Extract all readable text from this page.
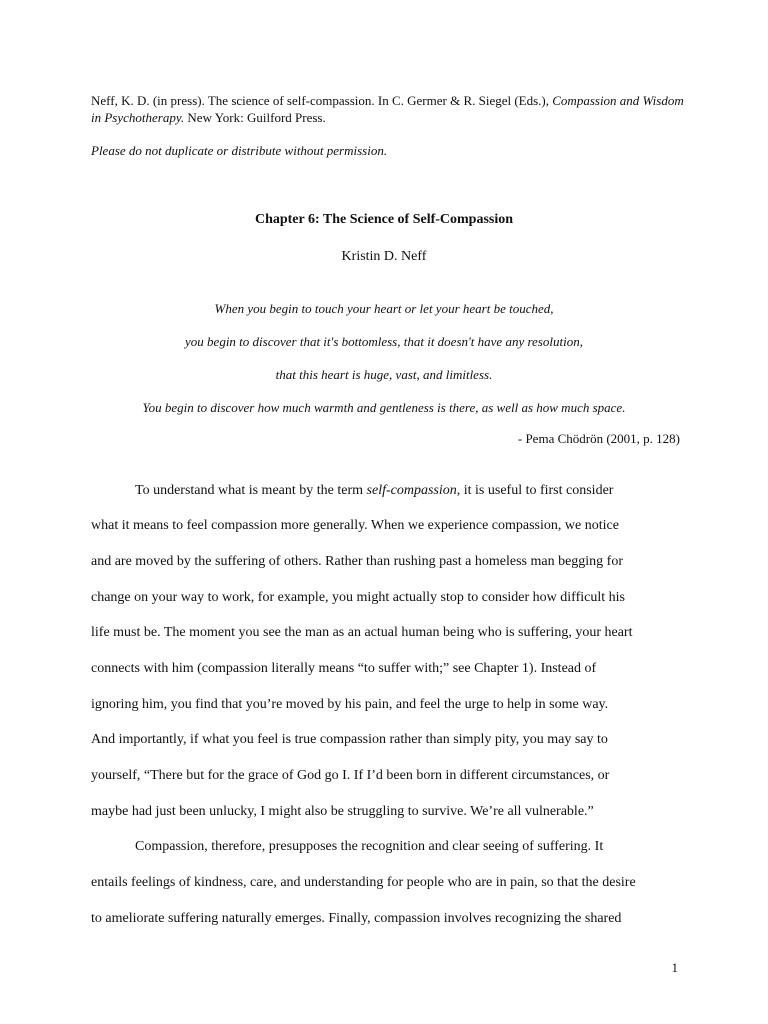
Neff, K. D. (in press). The science of self-compassion. In C. Germer & R. Siegel (Eds.), Compassion and Wisdom in Psychotherapy. New York: Guilford Press.
Please do not duplicate or distribute without permission.
Chapter 6: The Science of Self-Compassion
Kristin D. Neff
When you begin to touch your heart or let your heart be touched,
you begin to discover that it's bottomless, that it doesn't have any resolution,
that this heart is huge, vast, and limitless.
You begin to discover how much warmth and gentleness is there, as well as how much space.
- Pema Chödrön (2001, p. 128)
To understand what is meant by the term self-compassion, it is useful to first consider
what it means to feel compassion more generally. When we experience compassion, we notice
and are moved by the suffering of others. Rather than rushing past a homeless man begging for
change on your way to work, for example, you might actually stop to consider how difficult his
life must be. The moment you see the man as an actual human being who is suffering, your heart
connects with him (compassion literally means “to suffer with;” see Chapter 1). Instead of
ignoring him, you find that you’re moved by his pain, and feel the urge to help in some way.
And importantly, if what you feel is true compassion rather than simply pity, you may say to
yourself, “There but for the grace of God go I. If I’d been born in different circumstances, or
maybe had just been unlucky, I might also be struggling to survive. We’re all vulnerable.”
Compassion, therefore, presupposes the recognition and clear seeing of suffering. It
entails feelings of kindness, care, and understanding for people who are in pain, so that the desire
to ameliorate suffering naturally emerges. Finally, compassion involves recognizing the shared
1
